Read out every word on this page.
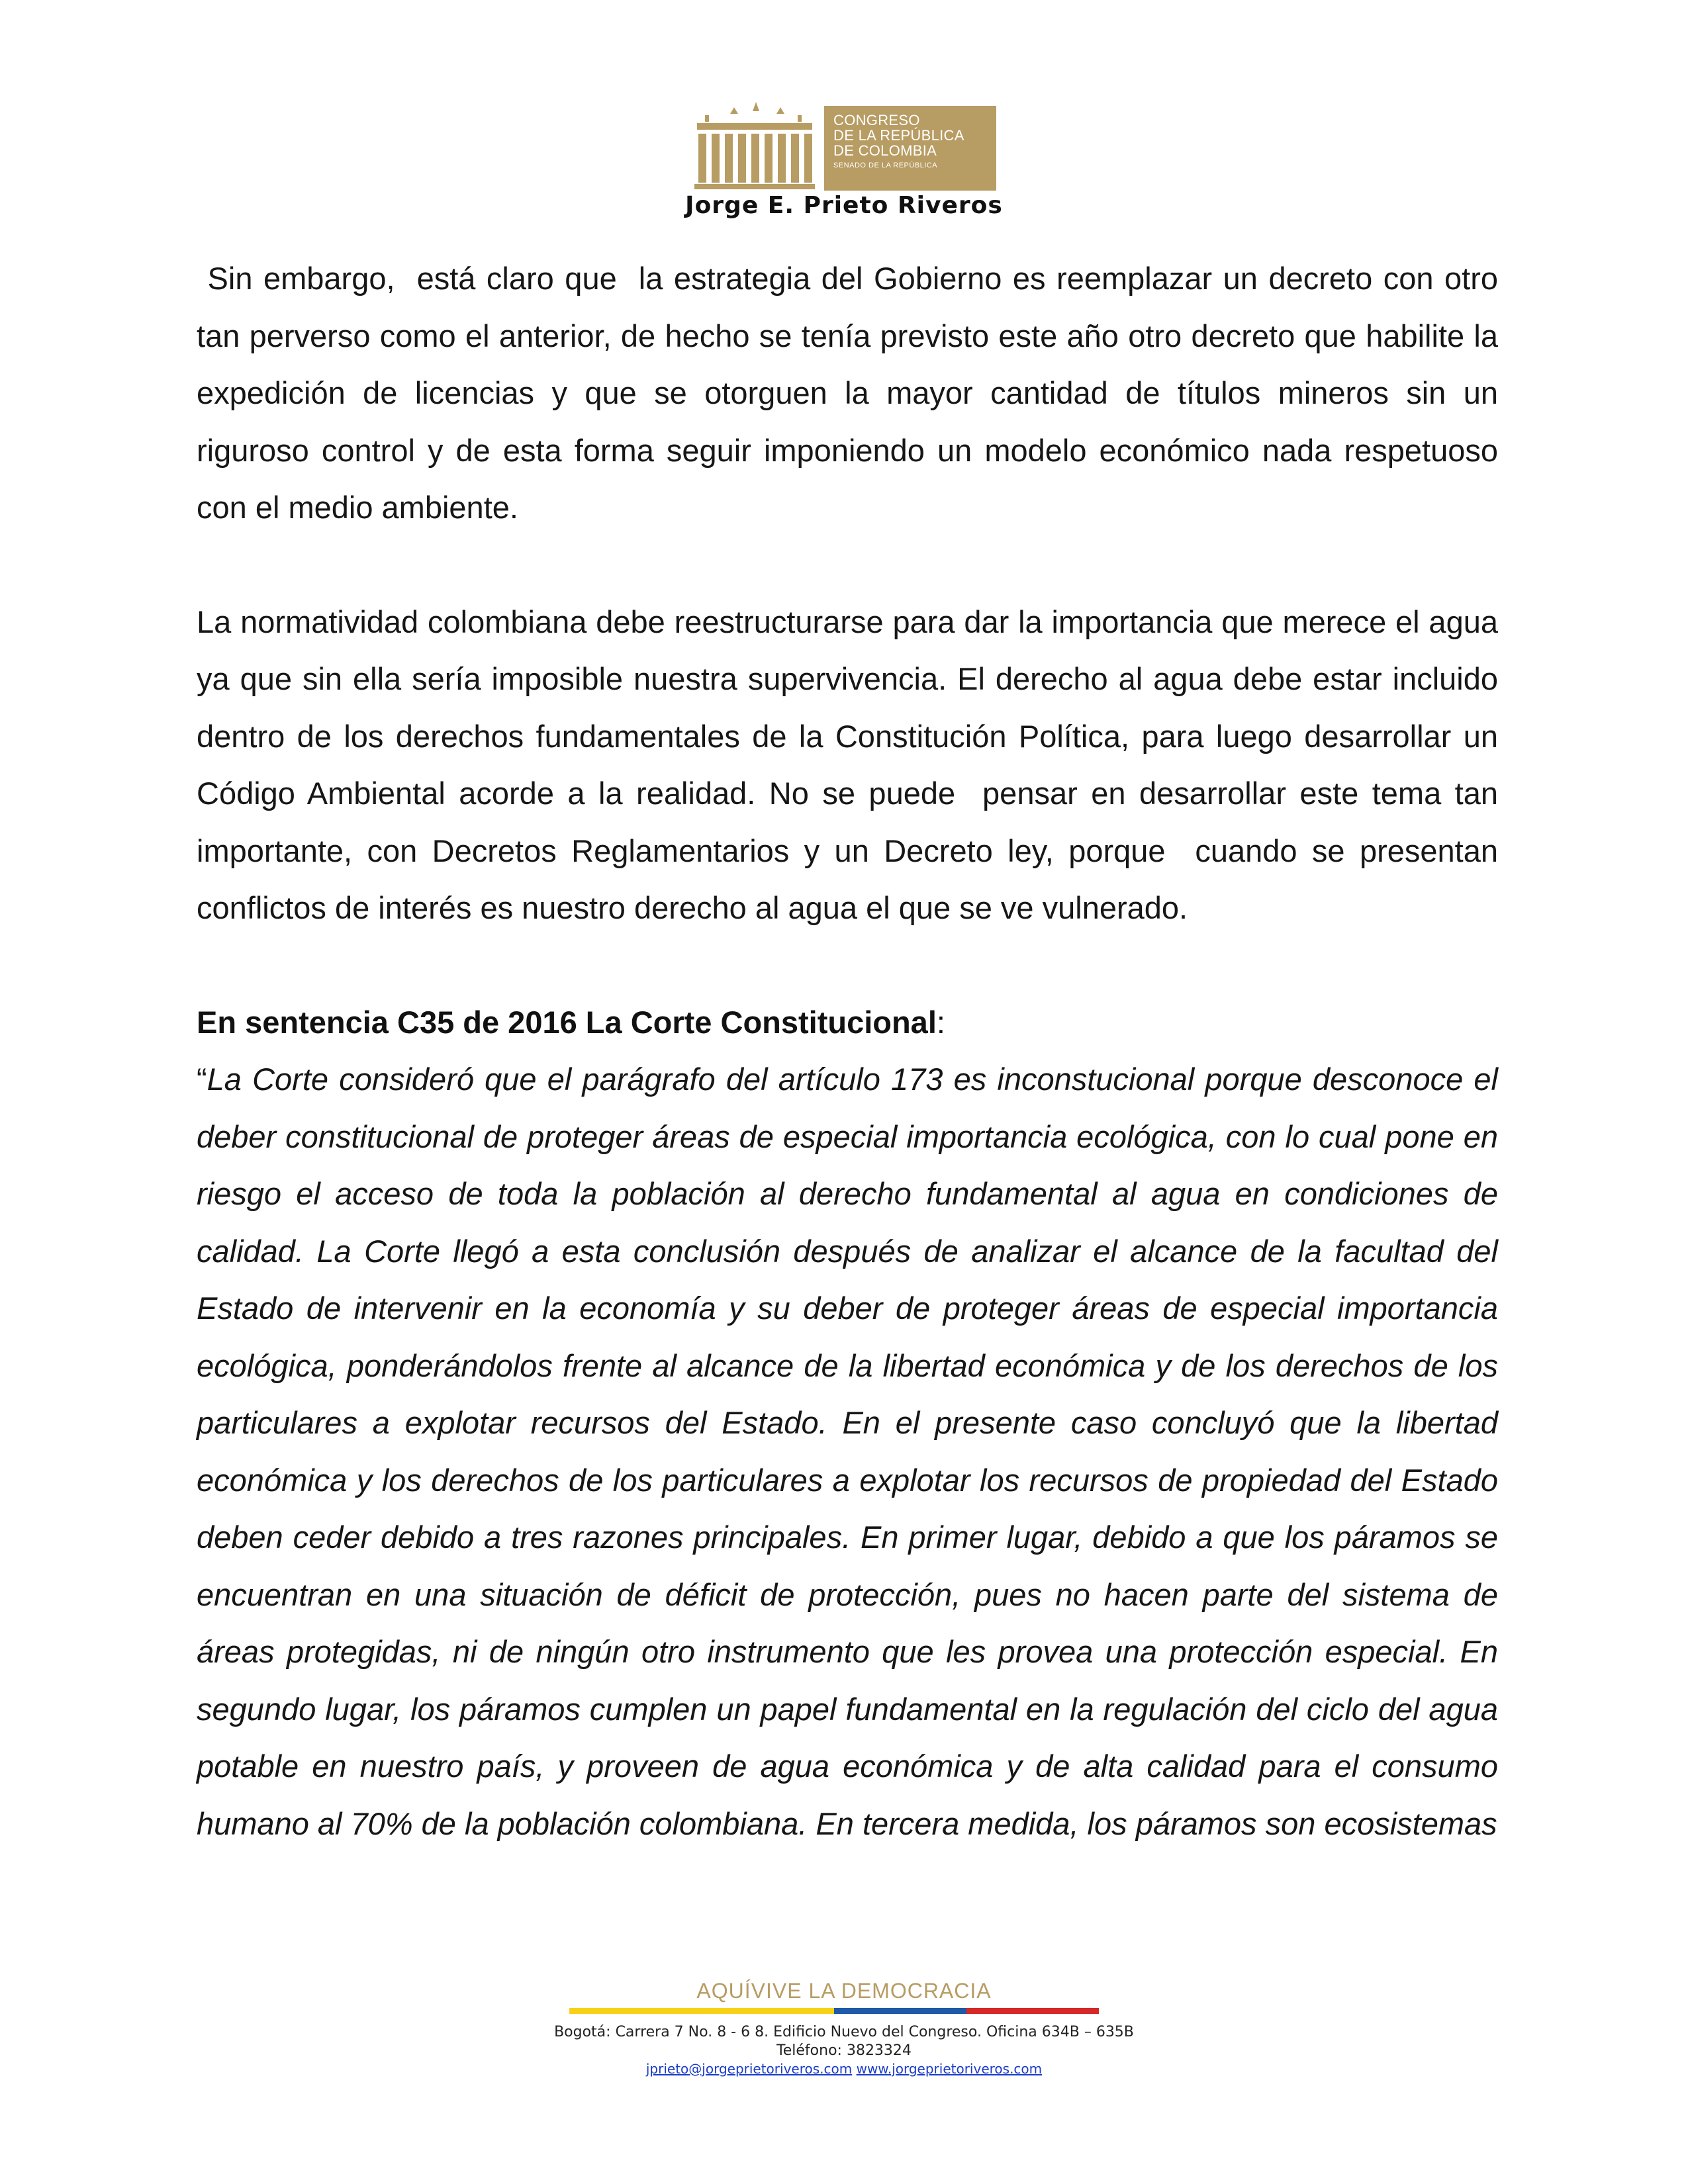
CONGRESO
DE LA REPÚBLICA
DE COLOMBIA
SENADO DE LA REPÚBLICA
Jorge E. Prieto Riveros

Sin embargo,  está claro que  la estrategia del Gobierno es reemplazar un decreto con otro tan perverso como el anterior, de hecho se tenía previsto este año otro decreto que habilite la expedición de licencias y que se otorguen la mayor cantidad de títulos mineros sin un  riguroso control y de esta forma seguir imponiendo un modelo económico nada respetuoso con el medio ambiente.

La normatividad colombiana debe reestructurarse para dar la importancia que merece el agua ya que sin ella sería imposible nuestra supervivencia. El derecho al agua debe estar incluido dentro de los derechos fundamentales de la Constitución Política, para luego desarrollar un Código Ambiental acorde a la realidad. No se puede  pensar en desarrollar este tema tan importante, con Decretos Reglamentarios y un Decreto ley, porque  cuando se presentan conflictos de interés es nuestro derecho al agua el que se ve vulnerado.

En sentencia C35 de 2016 La Corte Constitucional:

“La Corte consideró que el parágrafo del artículo 173 es inconstucional porque desconoce el deber constitucional de proteger áreas de especial importancia ecológica, con lo cual pone en riesgo el acceso de toda la población al derecho fundamental al agua en condiciones de calidad. La Corte llegó a esta conclusión después de analizar el alcance de la facultad del Estado de intervenir en la economía y su deber de proteger áreas de especial importancia ecológica, ponderándolos frente al alcance de la libertad económica y de los derechos de los particulares a explotar recursos del Estado. En el presente caso concluyó que la libertad económica y los derechos de los particulares a explotar los recursos de propiedad del Estado deben ceder debido a tres razones principales. En primer lugar, debido a que los páramos se encuentran en una situación de déficit de protección, pues no hacen parte del sistema de áreas protegidas, ni de ningún otro instrumento que les provea una protección especial. En segundo lugar, los páramos cumplen un papel fundamental en la regulación del ciclo del agua potable en nuestro país, y proveen de agua económica y de alta calidad para el consumo humano al 70% de la población colombiana. En tercera medida, los páramos son ecosistemas

AQUÍVIVE LA DEMOCRACIA
Bogotá: Carrera 7 No. 8 - 6 8. Edificio Nuevo del Congreso. Oficina 634B – 635B
Teléfono: 3823324
jprieto@jorgeprietoriveros.com www.jorgeprietoriveros.com
